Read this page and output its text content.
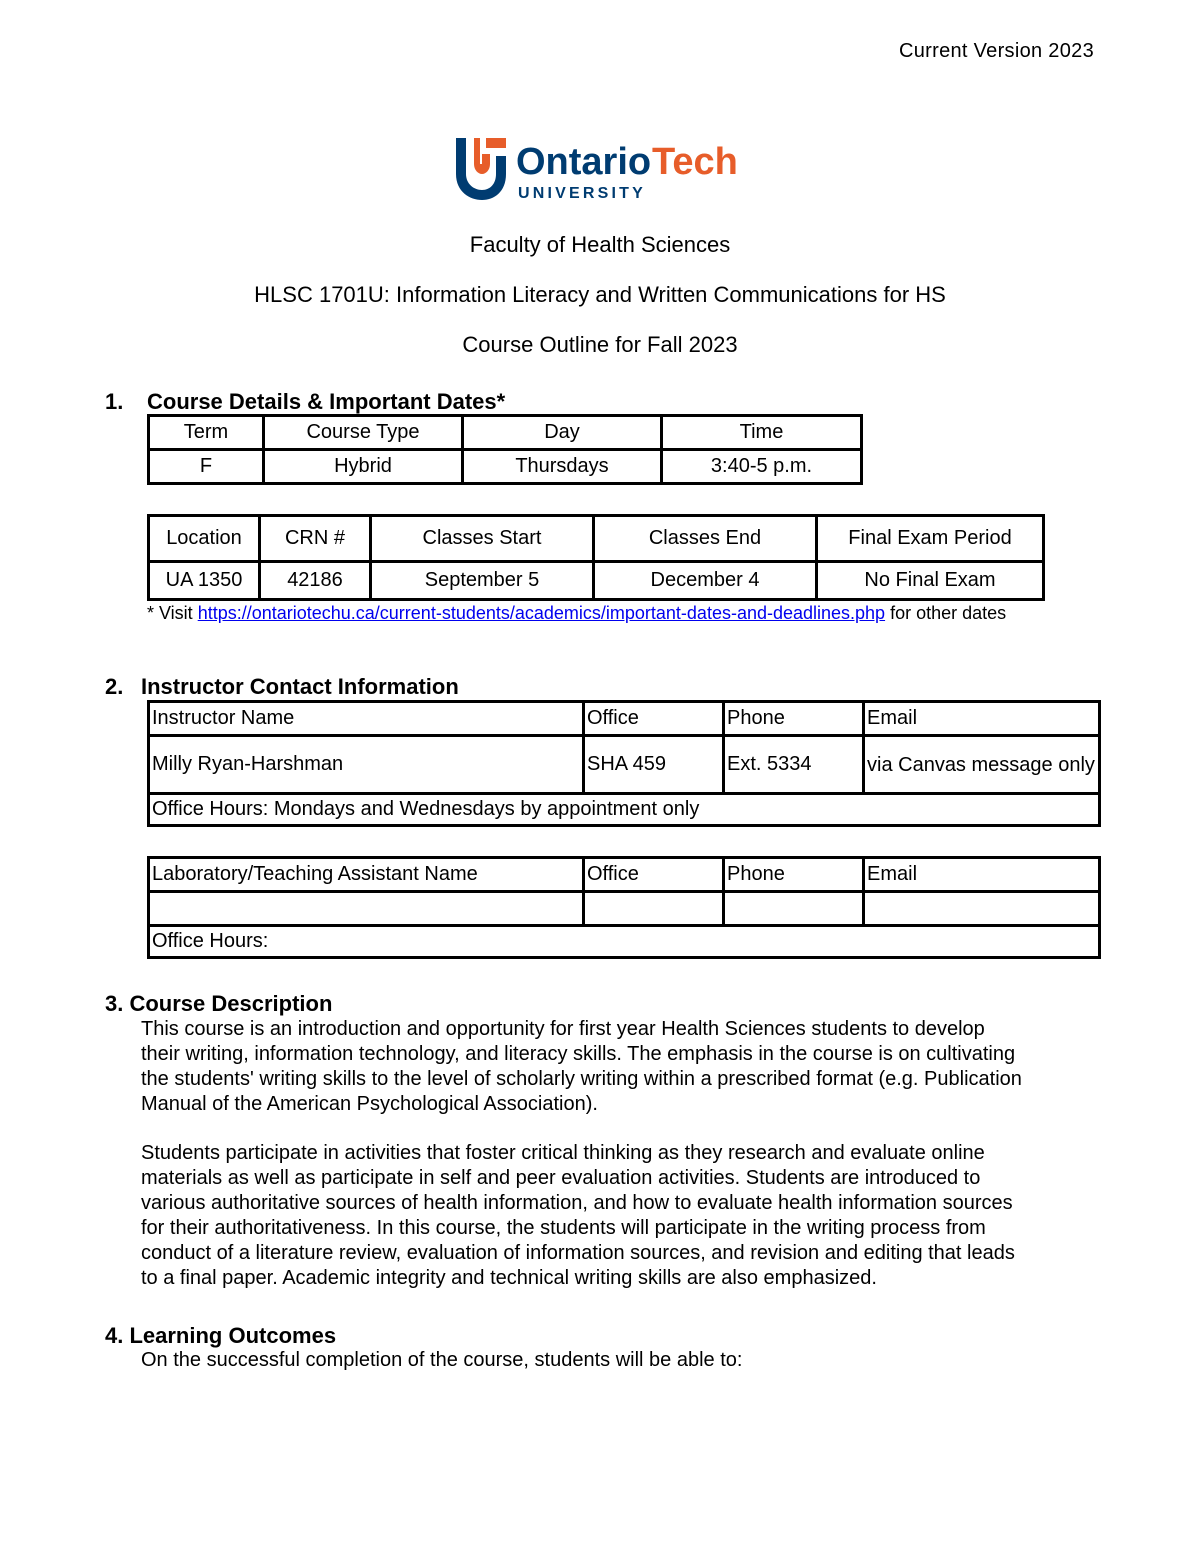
Current Version 2023
Ontario Tech
UNIVERSITY
Faculty of Health Sciences
HLSC 1701U: Information Literacy and Written Communications for HS
Course Outline for Fall 2023
1. Course Details & Important Dates*
Term	Course Type	Day	Time
F	Hybrid	Thursdays	3:40-5 p.m.
Location	CRN #	Classes Start	Classes End	Final Exam Period
UA 1350	42186	September 5	December 4	No Final Exam
* Visit https://ontariotechu.ca/current-students/academics/important-dates-and-deadlines.php for other dates
2. Instructor Contact Information
Instructor Name	Office	Phone	Email
Milly Ryan-Harshman	SHA 459	Ext. 5334	via Canvas message only
Office Hours: Mondays and Wednesdays by appointment only			
Laboratory/Teaching Assistant Name	Office	Phone	Email

Office Hours:			
3. Course Description
This course is an introduction and opportunity for first year Health Sciences students to develop
their writing, information technology, and literacy skills. The emphasis in the course is on cultivating
the students' writing skills to the level of scholarly writing within a prescribed format (e.g. Publication
Manual of the American Psychological Association).
Students participate in activities that foster critical thinking as they research and evaluate online
materials as well as participate in self and peer evaluation activities. Students are introduced to
various authoritative sources of health information, and how to evaluate health information sources
for their authoritativeness. In this course, the students will participate in the writing process from
conduct of a literature review, evaluation of information sources, and revision and editing that leads
to a final paper. Academic integrity and technical writing skills are also emphasized.
4. Learning Outcomes
On the successful completion of the course, students will be able to:
